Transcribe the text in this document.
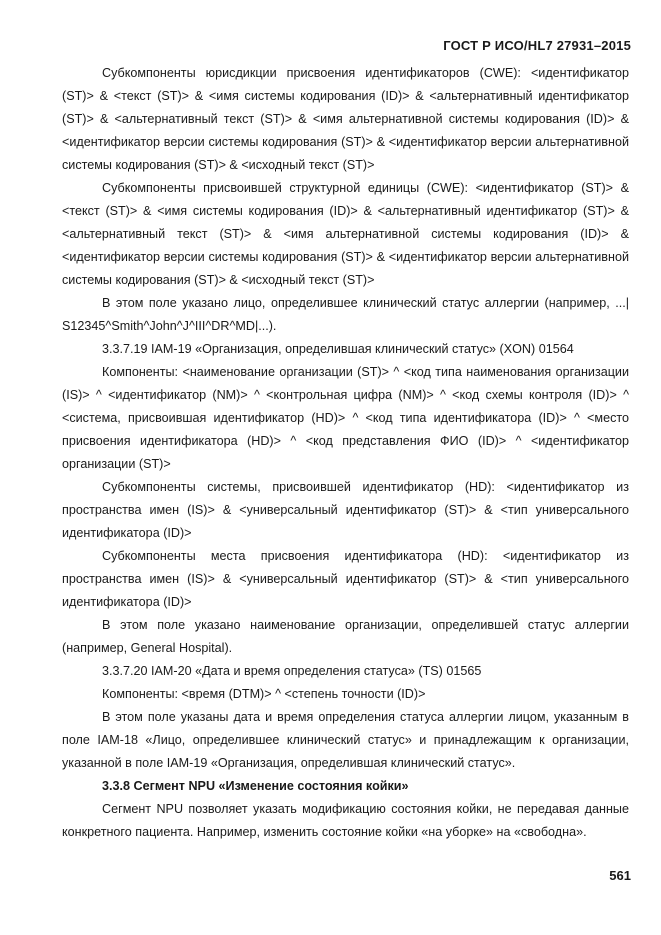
ГОСТ Р ИСО/HL7 27931–2015

Субкомпоненты юрисдикции присвоения идентификаторов (CWE): <идентификатор (ST)> & <текст (ST)> & <имя системы кодирования (ID)> & <альтернативный идентификатор (ST)> & <альтернативный текст (ST)> & <имя альтернативной системы кодирования (ID)> & <идентификатор версии системы кодирования (ST)> & <идентификатор версии альтернативной системы кодирования (ST)> & <исходный текст (ST)>

Субкомпоненты присвоившей структурной единицы (CWE): <идентификатор (ST)> & <текст (ST)> & <имя системы кодирования (ID)> & <альтернативный идентификатор (ST)> & <альтернативный текст (ST)> & <имя альтернативной системы кодирования (ID)> & <идентификатор версии системы кодирования (ST)> & <идентификатор версии альтернативной системы кодирования (ST)> & <исходный текст (ST)>

В этом поле указано лицо, определившее клинический статус аллергии (например, ...| S12345^Smith^John^J^III^DR^MD|...).

3.3.7.19 IAM-19 «Организация, определившая клинический статус» (XON) 01564

Компоненты: <наименование организации (ST)> ^ <код типа наименования организации (IS)> ^ <идентификатор (NM)> ^ <контрольная цифра (NM)> ^ <код схемы контроля (ID)> ^ <система, присвоившая идентификатор (HD)> ^ <код типа идентификатора (ID)> ^ <место присвоения идентификатора (HD)> ^ <код представления ФИО (ID)> ^ <идентификатор организации (ST)>

Субкомпоненты системы, присвоившей идентификатор (HD): <идентификатор из пространства имен (IS)> & <универсальный идентификатор (ST)> & <тип универсального идентификатора (ID)>

Субкомпоненты места присвоения идентификатора (HD): <идентификатор из пространства имен (IS)> & <универсальный идентификатор (ST)> & <тип универсального идентификатора (ID)>

В этом поле указано наименование организации, определившей статус аллергии (например, General Hospital).

3.3.7.20 IAM-20 «Дата и время определения статуса» (TS) 01565

Компоненты: <время (DTM)> ^ <степень точности (ID)>

В этом поле указаны дата и время определения статуса аллергии лицом, указанным в поле IAM-18 «Лицо, определившее клинический статус» и принадлежащим к организации, указанной в поле IAM-19 «Организация, определившая клинический статус».

3.3.8 Сегмент NPU «Изменение состояния койки»

Сегмент NPU позволяет указать модификацию состояния койки, не передавая данные конкретного пациента. Например, изменить состояние койки «на уборке» на «свободна».

561
